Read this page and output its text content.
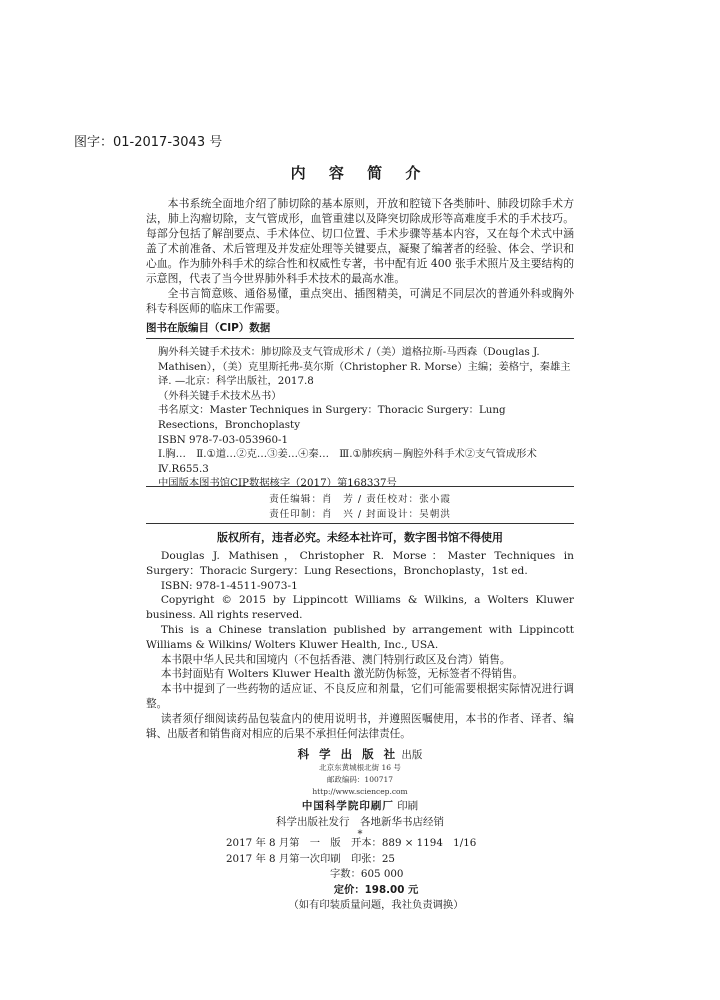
图字：01-2017-3043 号
内 容 简 介

本书系统全面地介绍了肺切除的基本原则，开放和腔镜下各类肺叶、肺段切除手术方法，肺上沟瘤切除，支气管成形，血管重建以及降突切除成形等高难度手术的手术技巧。每部分包括了解剖要点、手术体位、切口位置、手术步骤等基本内容，又在每个术式中涵盖了术前准备、术后管理及并发症处理等关键要点，凝聚了编著者的经验、体会、学识和心血。作为肺外科手术的综合性和权威性专著，书中配有近 400 张手术照片及主要结构的示意图，代表了当今世界肺外科手术技术的最高水准。

全书言简意赅、通俗易懂，重点突出、插图精美，可满足不同层次的普通外科或胸外科专科医师的临床工作需要。

图书在版编目（CIP）数据

胸外科关键手术技术：肺切除及支气管成形术 /（美）道格拉斯-马西森（Douglas J. Mathisen），（美）克里斯托弗-莫尔斯（Christopher R. Morse）主编；姜格宁，秦雄主译. —北京：科学出版社，2017.8

（外科关键手术技术丛书）

书名原文：Master Techniques in Surgery：Thoracic Surgery：Lung Resections，Bronchoplasty

ISBN 978-7-03-053960-1

Ⅰ.胸…　Ⅱ.①道…②克…③姜…④秦…　Ⅲ.①肺疾病－胸腔外科手术②支气管成形术　Ⅳ.R655.3

中国版本图书馆CIP数据核字（2017）第168337号

责任编辑：肖　芳 / 责任校对：张小霞
责任印制：肖　兴 / 封面设计：吴朝洪
版权所有，违者必究。未经本社许可，数字图书馆不得使用

Douglas J. Mathisen，Christopher R. Morse：Master Techniques in Surgery：Thoracic Surgery：Lung Resections，Bronchoplasty，1st ed.

ISBN: 978-1-4511-9073-1

Copyright © 2015 by Lippincott Williams & Wilkins, a Wolters Kluwer business. All rights reserved.

This is a Chinese translation published by arrangement with Lippincott Williams & Wilkins/ Wolters Kluwer Health, Inc., USA.

本书限中华人民共和国境内（不包括香港、澳门特别行政区及台湾）销售。

本书封面贴有 Wolters Kluwer Health 激光防伪标签，无标签者不得销售。

本书中提到了一些药物的适应证、不良反应和剂量，它们可能需要根据实际情况进行调整。

读者须仔细阅读药品包装盒内的使用说明书，并遵照医嘱使用，本书的作者、译者、编辑、出版者和销售商对相应的后果不承担任何法律责任。

科 学 出 版 社 出版

北京东黄城根北街 16 号

邮政编码：100717

http://www.sciencep.com

中国科学院印刷厂 印刷

科学出版社发行　各地新华书店经销

*

2017 年 8 月第　一　版　开本：889 × 1194　1/16

2017 年 8 月第一次印刷　印张：25

字数：605 000

定价：198.00 元

（如有印装质量问题，我社负责调换）
